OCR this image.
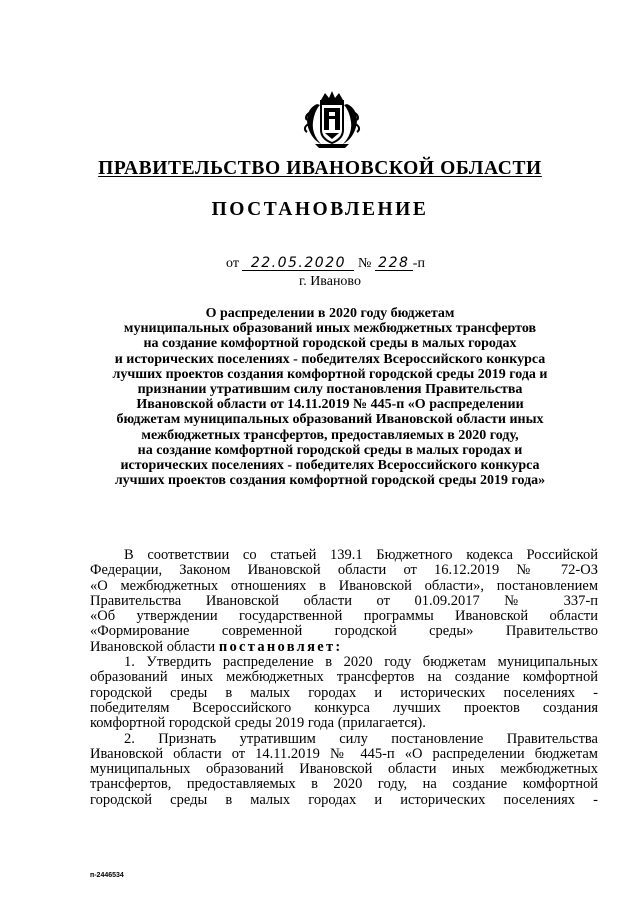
ПРАВИТЕЛЬСТВО ИВАНОВСКОЙ ОБЛАСТИ
ПОСТАНОВЛЕНИЕ
от 22.05.2020 № 228 -п
г. Иваново
О распределении в 2020 году бюджетам
муниципальных образований иных межбюджетных трансфертов
на создание комфортной городской среды в малых городах
и исторических поселениях - победителях Всероссийского конкурса
лучших проектов создания комфортной городской среды 2019 года и
признании утратившим силу постановления Правительства
Ивановской области от 14.11.2019 № 445-п «О распределении
бюджетам муниципальных образований Ивановской области иных
межбюджетных трансфертов, предоставляемых в 2020 году,
на создание комфортной городской среды в малых городах и
исторических поселениях - победителях Всероссийского конкурса
лучших проектов создания комфортной городской среды 2019 года»
В соответствии со статьей 139.1 Бюджетного кодекса Российской
Федерации, Законом Ивановской области от 16.12.2019 № 72-ОЗ
«О межбюджетных отношениях в Ивановской области», постановлением
Правительства Ивановской области от 01.09.2017 № 337-п
«Об утверждении государственной программы Ивановской области
«Формирование современной городской среды» Правительство
Ивановской области постановляет:
1. Утвердить распределение в 2020 году бюджетам муниципальных
образований иных межбюджетных трансфертов на создание комфортной
городской среды в малых городах и исторических поселениях -
победителям Всероссийского конкурса лучших проектов создания
комфортной городской среды 2019 года (прилагается).
2. Признать утратившим силу постановление Правительства
Ивановской области от 14.11.2019 № 445-п «О распределении бюджетам
муниципальных образований Ивановской области иных межбюджетных
трансфертов, предоставляемых в 2020 году, на создание комфортной
городской среды в малых городах и исторических поселениях -
п-2446534
